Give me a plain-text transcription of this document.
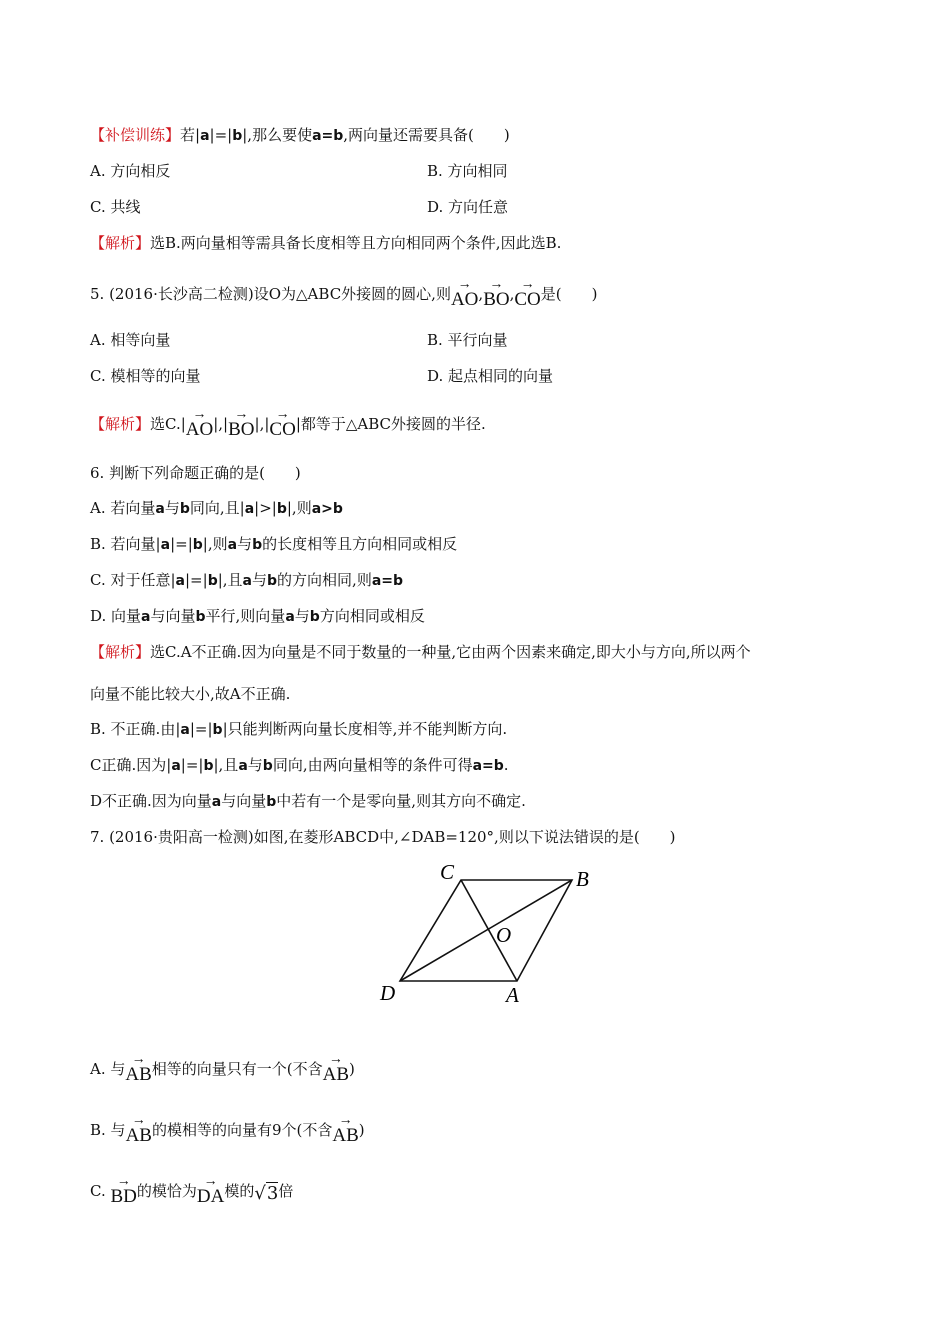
【补偿训练】若|a|=|b|,那么要使a=b,两向量还需要具备(　　)
A. 方向相反	B. 方向相同
C. 共线	D. 方向任意
【解析】选B.两向量相等需具备长度相等且方向相同两个条件,因此选B.
5. (2016·长沙高二检测)设O为△ABC外接圆的圆心,则
→
AO,
→
BO,
→
CO是(　　)
A. 相等向量	B. 平行向量
C. 模相等的向量	D. 起点相同的向量
【解析】选C.|
→
AO|,|
→
BO|,|
→
CO|都等于△ABC外接圆的半径.
6. 判断下列命题正确的是(　　)
A. 若向量a与b同向,且|a|>|b|,则a>b
B. 若向量|a|=|b|,则a与b的长度相等且方向相同或相反
C. 对于任意|a|=|b|,且a与b的方向相同,则a=b
D. 向量a与向量b平行,则向量a与b方向相同或相反
【解析】选C.A不正确.因为向量是不同于数量的一种量,它由两个因素来确定,即大小与方向,所以两个
向量不能比较大小,故A不正确.
B. 不正确.由|a|=|b|只能判断两向量长度相等,并不能判断方向.
C正确.因为|a|=|b|,且a与b同向,由两向量相等的条件可得a=b.
D不正确.因为向量a与向量b中若有一个是零向量,则其方向不确定.
7. (2016·贵阳高一检测)如图,在菱形ABCD中,∠DAB=120°,则以下说法错误的是(　　)
C	B
O
D	A
A. 与
→
AB相等的向量只有一个(不含
→
AB)
B. 与
→
AB的模相等的向量有9个(不含
→
AB)
C.
→
BD的模恰为
→
DA模的√3倍
